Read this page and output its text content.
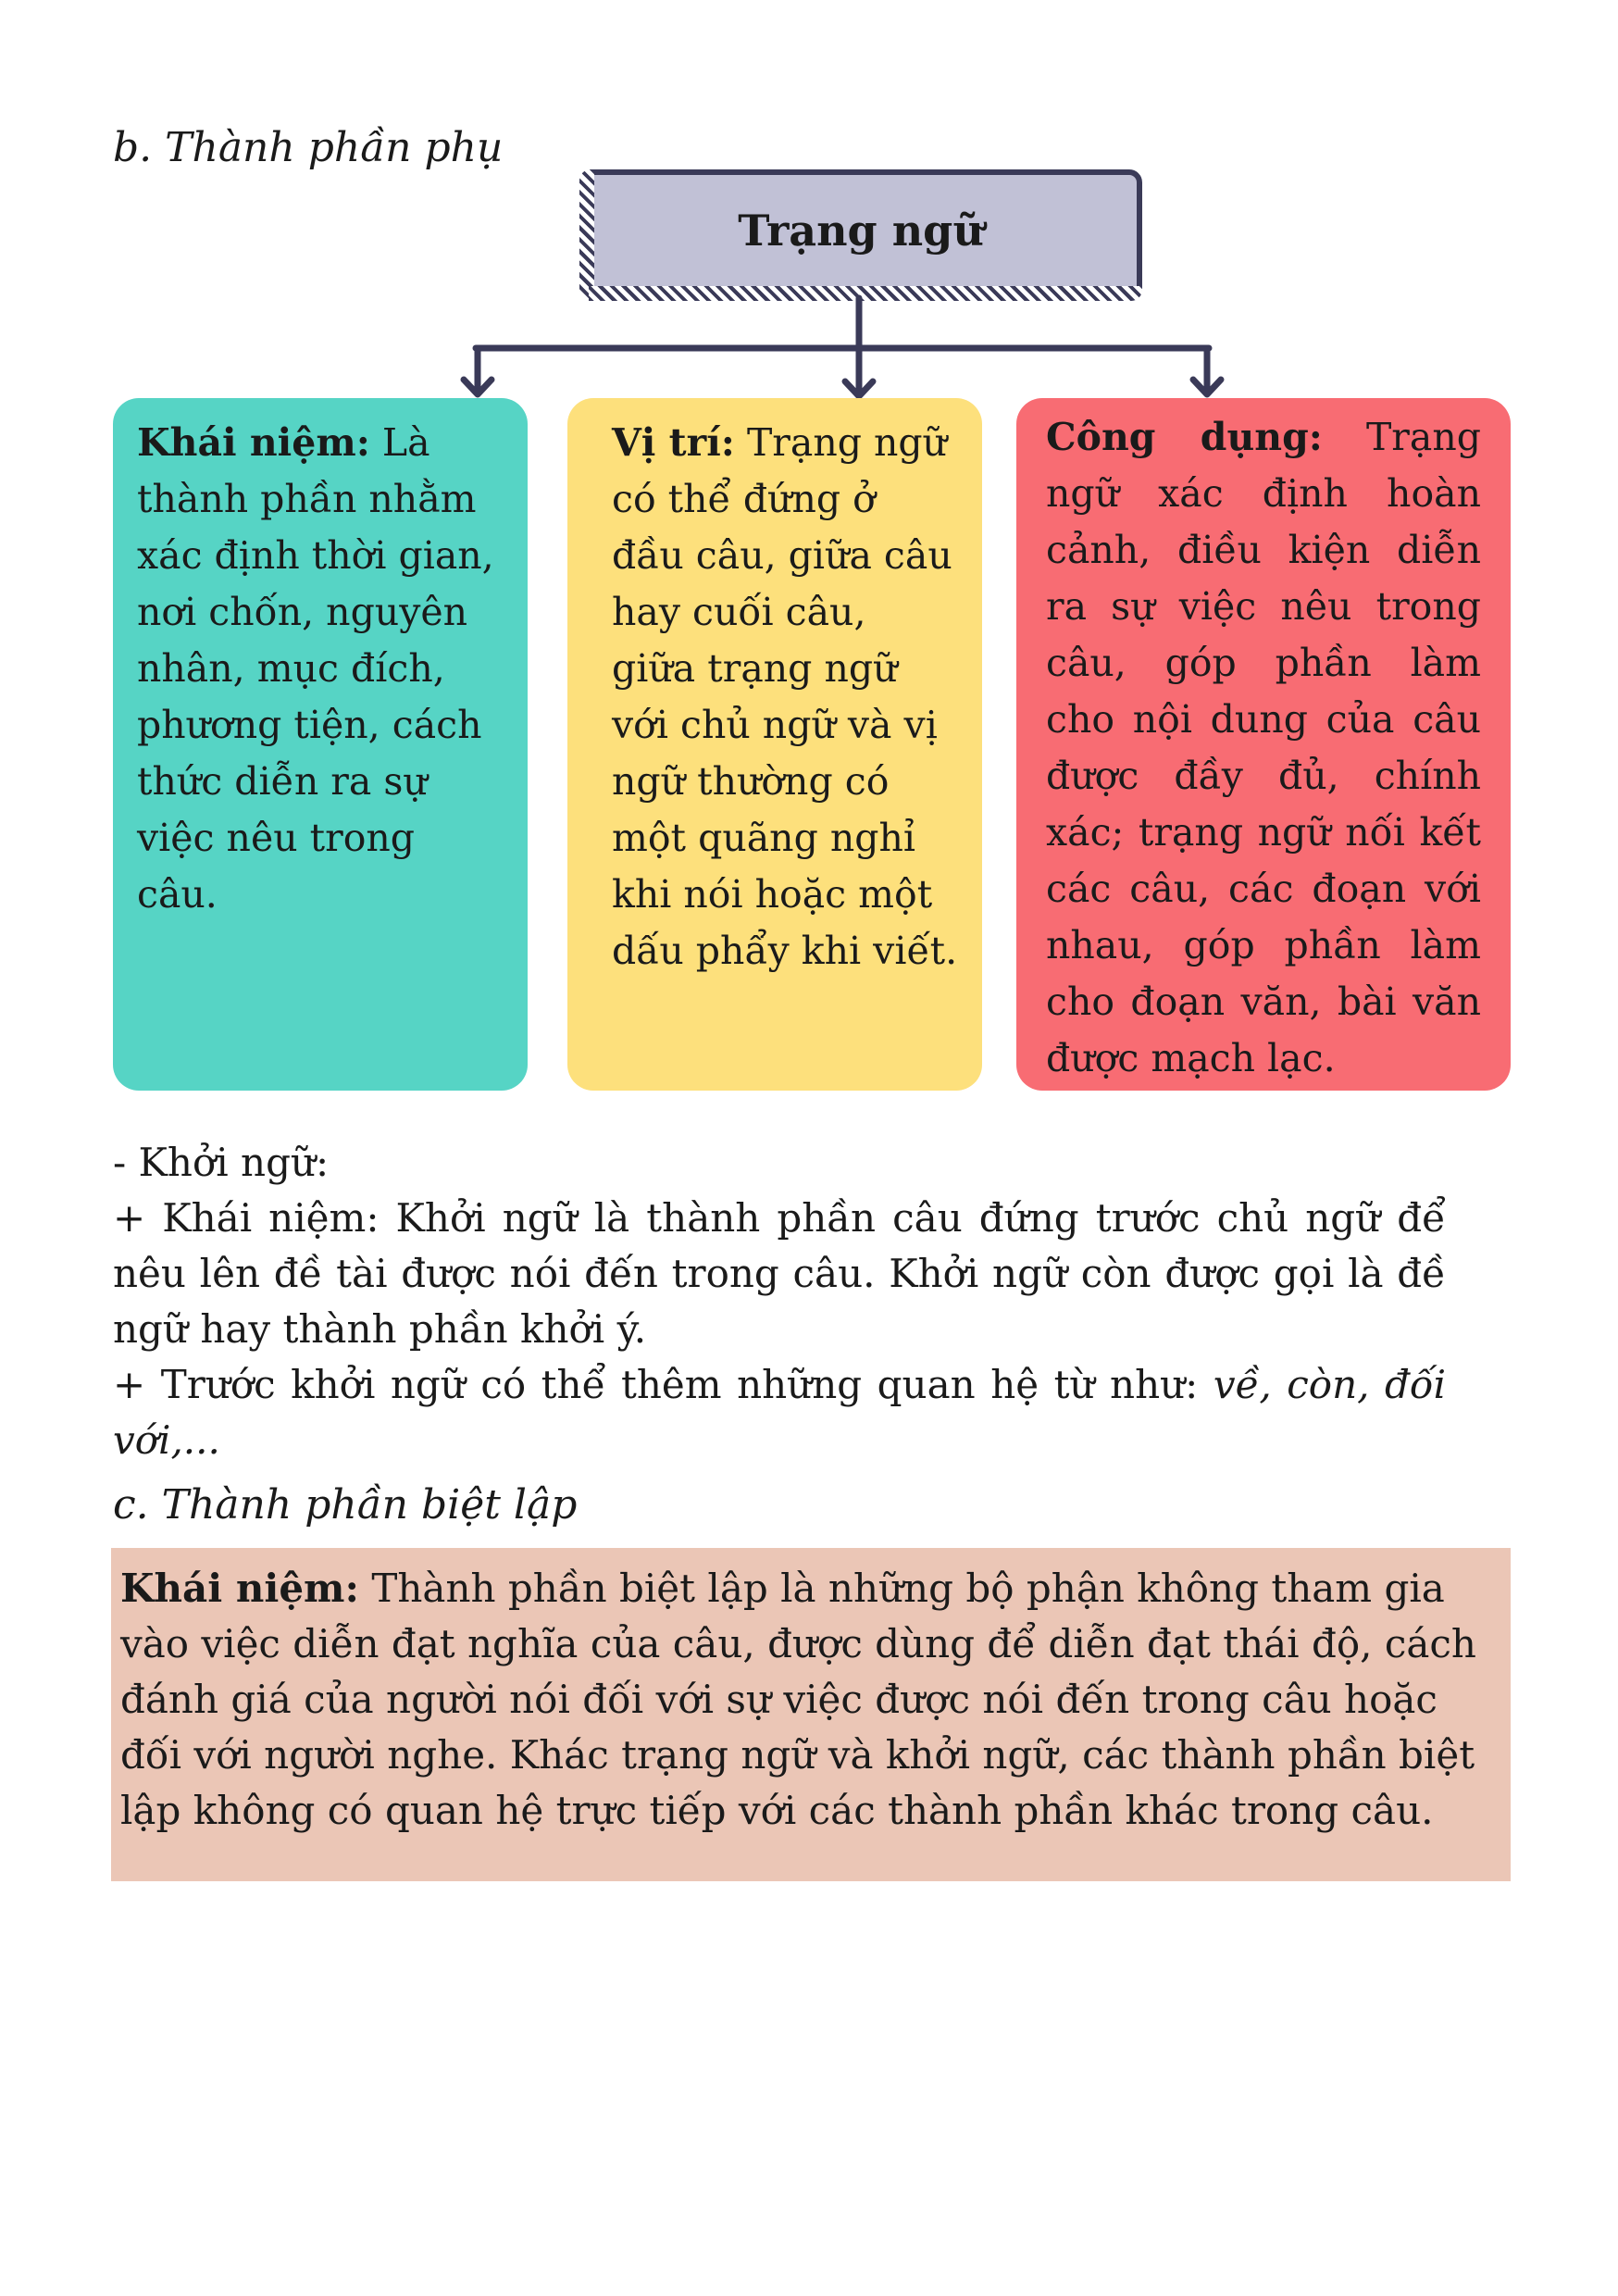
b. Thành phần phụ
Trạng ngữ
Khái niệm: Là thành phần nhằm xác định thời gian, nơi chốn, nguyên nhân, mục đích, phương tiện, cách thức diễn ra sự việc nêu trong câu.
Vị trí: Trạng ngữ có thể đứng ở đầu câu, giữa câu hay cuối câu, giữa trạng ngữ với chủ ngữ và vị ngữ thường có một quãng nghỉ khi nói hoặc một dấu phẩy khi viết.
Công dụng: Trạng ngữ xác định hoàn cảnh, điều kiện diễn ra sự việc nêu trong câu, góp phần làm cho nội dung của câu được đầy đủ, chính xác; trạng ngữ nối kết các câu, các đoạn với nhau, góp phần làm cho đoạn văn, bài văn được mạch lạc.

- Khởi ngữ:

+ Khái niệm: Khởi ngữ là thành phần câu đứng trước chủ ngữ để nêu lên đề tài được nói đến trong câu. Khởi ngữ còn được gọi là đề ngữ hay thành phần khởi ý.

+ Trước khởi ngữ có thể thêm những quan hệ từ như: về, còn, đối với,...

c. Thành phần biệt lập
Khái niệm: Thành phần biệt lập là những bộ phận không tham gia vào việc diễn đạt nghĩa của câu, được dùng để diễn đạt thái độ, cách đánh giá của người nói đối với sự việc được nói đến trong câu hoặc đối với người nghe. Khác trạng ngữ và khởi ngữ, các thành phần biệt lập không có quan hệ trực tiếp với các thành phần khác trong câu.
